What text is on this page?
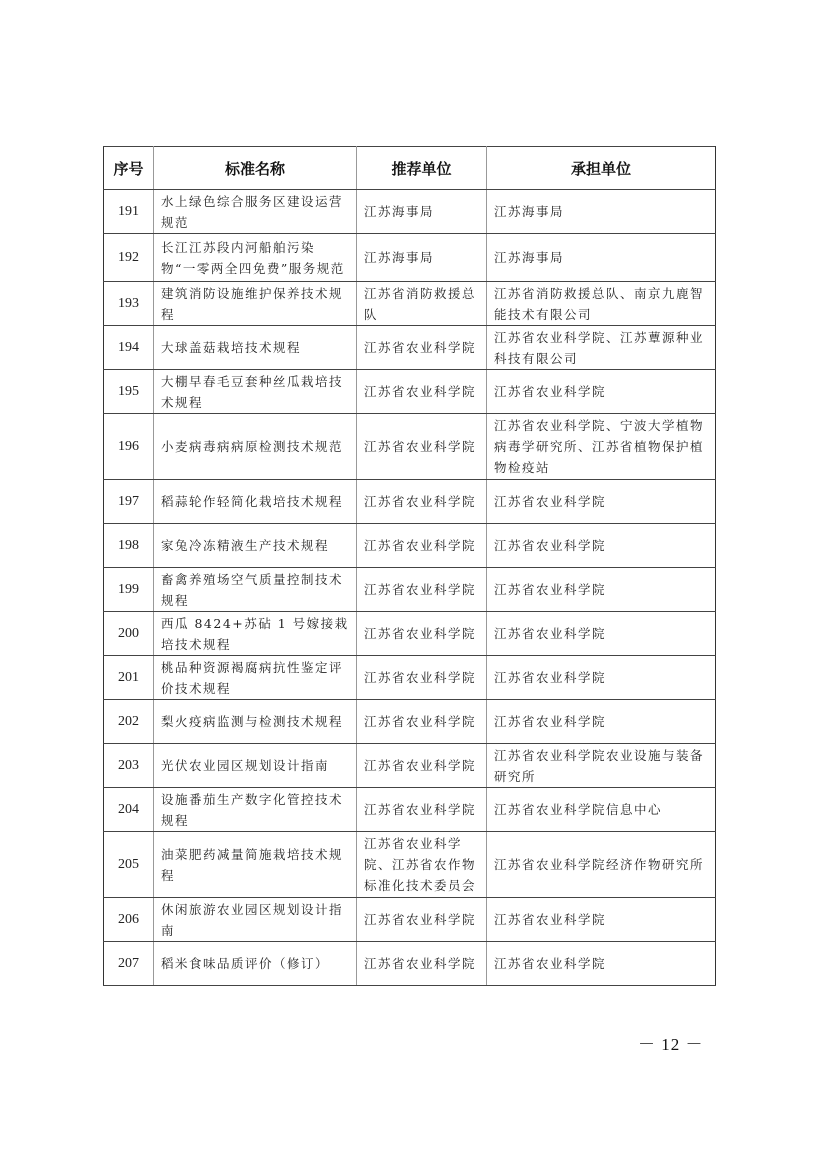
序号	标准名称	推荐单位	承担单位
191	水上绿色综合服务区建设运营规范	江苏海事局	江苏海事局
192	长江江苏段内河船舶污染物“一零两全四免费”服务规范	江苏海事局	江苏海事局
193	建筑消防设施维护保养技术规程	江苏省消防救援总队	江苏省消防救援总队、南京九鹿智能技术有限公司
194	大球盖菇栽培技术规程	江苏省农业科学院	江苏省农业科学院、江苏蕈源种业科技有限公司
195	大棚早春毛豆套种丝瓜栽培技术规程	江苏省农业科学院	江苏省农业科学院
196	小麦病毒病病原检测技术规范	江苏省农业科学院	江苏省农业科学院、宁波大学植物病毒学研究所、江苏省植物保护植物检疫站
197	稻蒜轮作轻简化栽培技术规程	江苏省农业科学院	江苏省农业科学院
198	家兔冷冻精液生产技术规程	江苏省农业科学院	江苏省农业科学院
199	畜禽养殖场空气质量控制技术规程	江苏省农业科学院	江苏省农业科学院
200	西瓜 8424+苏砧 1 号嫁接栽培技术规程	江苏省农业科学院	江苏省农业科学院
201	桃品种资源褐腐病抗性鉴定评价技术规程	江苏省农业科学院	江苏省农业科学院
202	梨火疫病监测与检测技术规程	江苏省农业科学院	江苏省农业科学院
203	光伏农业园区规划设计指南	江苏省农业科学院	江苏省农业科学院农业设施与装备研究所
204	设施番茄生产数字化管控技术规程	江苏省农业科学院	江苏省农业科学院信息中心
205	油菜肥药减量简施栽培技术规程	江苏省农业科学院、江苏省农作物标准化技术委员会	江苏省农业科学院经济作物研究所
206	休闲旅游农业园区规划设计指南	江苏省农业科学院	江苏省农业科学院
207	稻米食味品质评价（修订）	江苏省农业科学院	江苏省农业科学院
－ 12 －
